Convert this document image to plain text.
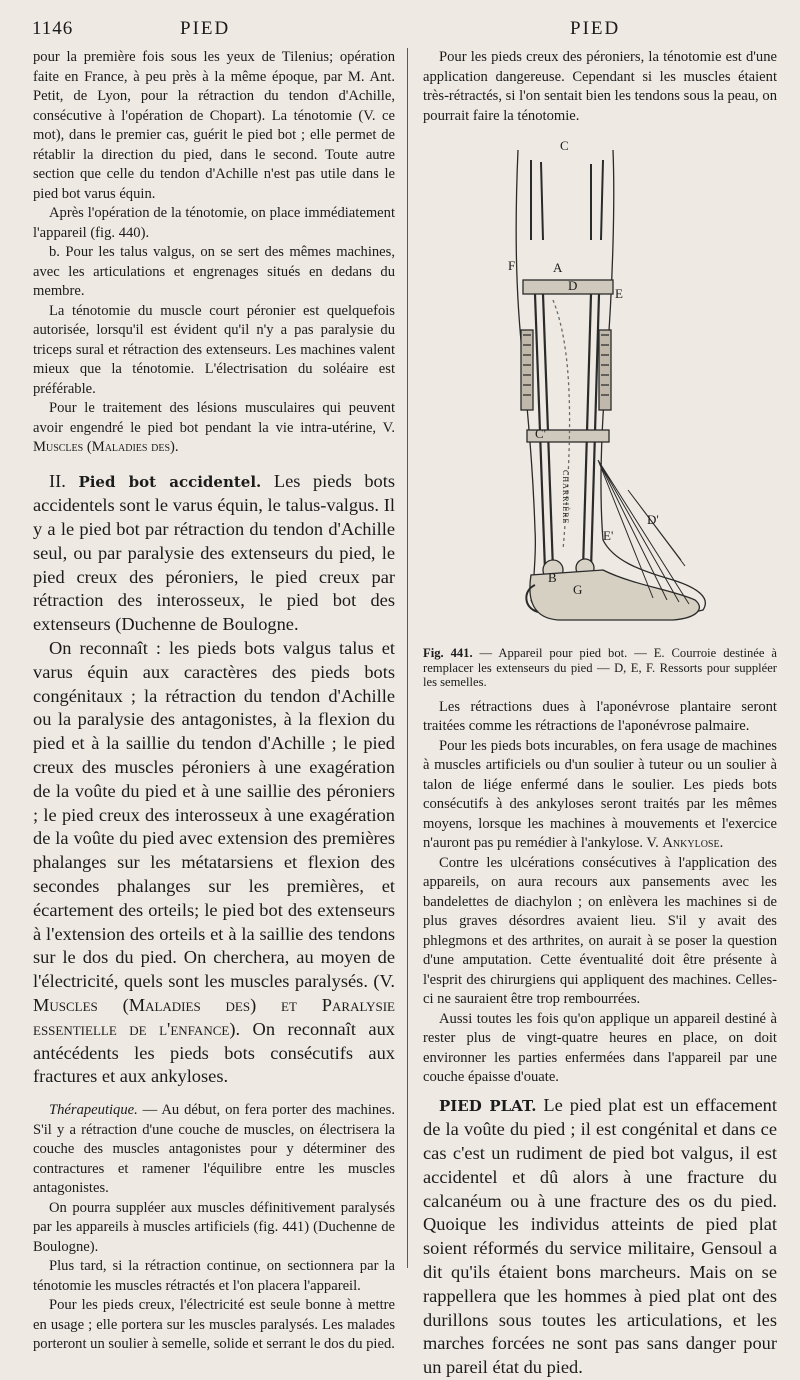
1146	PIED	PIED

pour la première fois sous les yeux de Tilenius; opération faite en France, à peu près à la même époque, par M. Ant. Petit, de Lyon, pour la rétraction du tendon d'Achille, consécutive à l'opération de Chopart). La ténotomie (V. ce mot), dans le premier cas, guérit le pied bot ; elle permet de rétablir la direction du pied, dans le second. Toute autre section que celle du tendon d'Achille n'est pas utile dans le pied bot varus équin.

Après l'opération de la ténotomie, on place immédiatement l'appareil (fig. 440).

b. Pour les talus valgus, on se sert des mêmes machines, avec les articulations et engrenages situés en dedans du membre.

La ténotomie du muscle court péronier est quelquefois autorisée, lorsqu'il est évident qu'il n'y a pas paralysie du triceps sural et rétraction des extenseurs. Les machines valent mieux que la ténotomie. L'électrisation du soléaire est préférable.

Pour le traitement des lésions musculaires qui peuvent avoir engendré le pied bot pendant la vie intra-utérine, V. Muscles (Maladies des).

II. Pied bot accidentel. Les pieds bots accidentels sont le varus équin, le talus-valgus. Il y a le pied bot par rétraction du tendon d'Achille seul, ou par paralysie des extenseurs du pied, le pied creux des péroniers, le pied creux par rétraction des interosseux, le pied bot des extenseurs (Duchenne de Boulogne.

On reconnaît : les pieds bots valgus talus et varus équin aux caractères des pieds bots congénitaux ; la rétraction du tendon d'Achille ou la paralysie des antagonistes, à la flexion du pied et à la saillie du tendon d'Achille ; le pied creux des muscles péroniers à une exagération de la voûte du pied et à une saillie des péroniers ; le pied creux des interosseux à une exagération de la voûte du pied avec extension des premières phalanges sur les métatarsiens et flexion des secondes phalanges sur les premières, et écartement des orteils; le pied bot des extenseurs à l'extension des orteils et à la saillie des tendons sur le dos du pied. On cherchera, au moyen de l'électricité, quels sont les muscles paralysés. (V. Muscles (Maladies des) et Paralysie essentielle de l'enfance). On reconnaît aux antécédents les pieds bots consécutifs aux fractures et aux ankyloses.

Thérapeutique. — Au début, on fera porter des machines. S'il y a rétraction d'une couche de muscles, on électrisera la couche des muscles antagonistes pour y déterminer des contractures et ramener l'équilibre entre les muscles antagonistes.

On pourra suppléer aux muscles définitivement paralysés par les appareils à muscles artificiels (fig. 441) (Duchenne de Boulogne).

Plus tard, si la rétraction continue, on sectionnera par la ténotomie les muscles rétractés et l'on placera l'appareil.

Pour les pieds creux, l'électricité est seule bonne à mettre en usage ; elle portera sur les muscles paralysés. Les malades porteront un soulier à semelle, solide et serrant le dos du pied.

Pour les pieds creux des péroniers, la ténotomie est d'une application dangereuse. Cependant si les muscles étaient très-rétractés, si l'on sentait bien les tendons sous la peau, on pourrait faire la ténotomie.

C
A
F
D
E
C'
B
G
E'
D'
CHARRIÈRE

Fig. 441. — Appareil pour pied bot. — E. Courroie destinée à remplacer les extenseurs du pied — D, E, F. Ressorts pour suppléer les semelles.

Les rétractions dues à l'aponévrose plantaire seront traitées comme les rétractions de l'aponévrose palmaire.

Pour les pieds bots incurables, on fera usage de machines à muscles artificiels ou d'un soulier à tuteur ou un soulier à talon de liége enfermé dans le soulier. Les pieds bots consécutifs à des ankyloses seront traités par les mêmes moyens, lorsque les machines à mouvements et l'exercice n'auront pas pu remédier à l'ankylose. V. Ankylose.

Contre les ulcérations consécutives à l'application des appareils, on aura recours aux pansements avec les bandelettes de diachylon ; on enlèvera les machines si de plus graves désordres avaient lieu. S'il y avait des phlegmons et des arthrites, on aurait à se poser la question d'une amputation. Cette éventualité doit être présente à l'esprit des chirurgiens qui appliquent des machines. Celles-ci ne sauraient être trop rembourrées.

Aussi toutes les fois qu'on applique un appareil destiné à rester plus de vingt-quatre heures en place, on doit environner les parties enfermées dans l'appareil par une couche épaisse d'ouate.

PIED PLAT. Le pied plat est un effacement de la voûte du pied ; il est congénital et dans ce cas c'est un rudiment de pied bot valgus, il est accidentel et dû alors à une fracture du calcanéum ou à une fracture des os du pied. Quoique les individus atteints de pied plat soient réformés du service militaire, Gensoul a dit qu'ils étaient bons marcheurs. Mais on se rappellera que les hommes à pied plat ont des durillons sous toutes les articulations, et les marches forcées ne sont pas sans danger pour un pareil état du pied.
